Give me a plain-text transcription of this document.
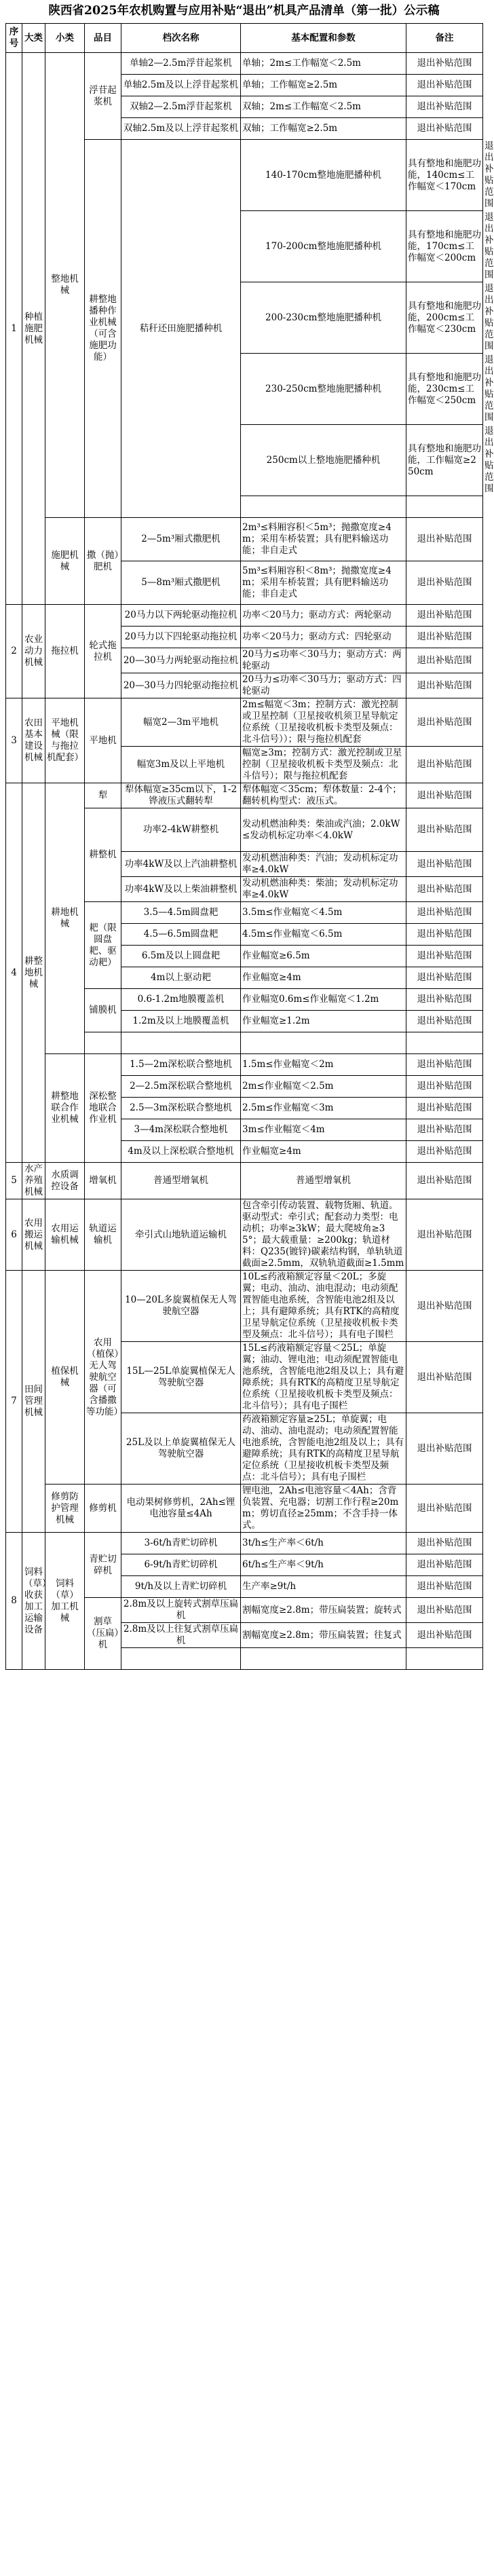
陕西省2025年农机购置与应用补贴“退出”机具产品清单（第一批）公示稿
序号	大类	小类	品目	档次名称	基本配置和参数	备注	
1	种植施肥机械	整地机械	浮苷起浆机	单轴2—2.5m浮苷起浆机	单轴；2m≤工作幅宽＜2.5m	退出补贴范围	
				单轴2.5m及以上浮苷起浆机	单轴；工作幅宽≥2.5m	退出补贴范围	
				双轴2—2.5m浮苷起浆机	双轴；2m≤工作幅宽＜2.5m	退出补贴范围	
				双轴2.5m及以上浮苷起浆机	双轴；工作幅宽≥2.5m	退出补贴范围	
			耕整地播种作业机械（可含施肥功能）	秸秆还田施肥播种机	140-170cm整地施肥播种机	具有整地和施肥功能，140cm≤工作幅宽＜170cm	退出补贴范围
					170-200cm整地施肥播种机	具有整地和施肥功能，170cm≤工作幅宽＜200cm	退出补贴范围
					200-230cm整地施肥播种机	具有整地和施肥功能，200cm≤工作幅宽＜230cm	退出补贴范围
					230-250cm整地施肥播种机	具有整地和施肥功能，230cm≤工作幅宽＜250cm	退出补贴范围
					250cm以上整地施肥播种机	具有整地和施肥功能，工作幅宽≥250cm	退出补贴范围

		施肥机械	撒（抛）肥机	2—5m³厢式撒肥机	2m³≤料厢容积＜5m³；抛撒宽度≥4m；采用车桥装置；具有肥料输送功能；非自走式	退出补贴范围	

				5—8m³厢式撒肥机	5m³≤料厢容积＜8m³；抛撒宽度≥4m；采用车桥装置；具有肥料输送功能；非自走式	退出补贴范围	

2	农业动力机械	拖拉机	轮式拖拉机	20马力以下两轮驱动拖拉机	功率＜20马力；驱动方式：两轮驱动	退出补贴范围	
				20马力以下四轮驱动拖拉机	功率＜20马力；驱动方式：四轮驱动	退出补贴范围	
				20—30马力两轮驱动拖拉机	20马力≤功率＜30马力；驱动方式：两轮驱动	退出补贴范围	
				20—30马力四轮驱动拖拉机	20马力≤功率＜30马力；驱动方式：四轮驱动	退出补贴范围	
3	农田基本建设机械	平地机械（限与拖拉机配套）	平地机	幅宽2—3m平地机	2m≤幅宽＜3m；控制方式：激光控制或卫星控制（卫星接收机须卫星导航定位系统（卫星接收机板卡类型及频点：北斗信号））；限与拖拉机配套	退出补贴范围	
				幅宽3m及以上平地机	幅宽≥3m；控制方式：激光控制或卫星控制（卫星接收机板卡类型及频点：北斗信号）；限与拖拉机配套	退出补贴范围	
4	耕整地机械	耕地机械	犁	犁体幅宽≥35cm以下，1-2铧液压式翻转犁	犁体幅宽＜35cm；犁体数量：2-4个；翻转机构型式：液压式。	退出补贴范围	
			耕整机	功率2-4kW耕整机	发动机燃油种类：柴油或汽油；2.0kW≤发动机标定功率＜4.0kW	退出补贴范围	

				功率4kW及以上汽油耕整机	发动机燃油种类：汽油；发动机标定功率≥4.0kW	退出补贴范围	
				功率4kW及以上柴油耕整机	发动机燃油种类：柴油；发动机标定功率≥4.0kW	退出补贴范围	
			耙（限圆盘耙、驱动耙）	3.5—4.5m圆盘耙	3.5m≤作业幅宽＜4.5m	退出补贴范围	
				4.5—6.5m圆盘耙	4.5m≤作业幅宽＜6.5m	退出补贴范围	
				6.5m及以上圆盘耙	作业幅宽≥6.5m	退出补贴范围	
				4m以上驱动耙	作业幅宽≥4m	退出补贴范围	
			铺膜机	0.6-1.2m地膜覆盖机	作业幅宽0.6m≤作业幅宽＜1.2m	退出补贴范围	
				1.2m及以上地膜覆盖机	作业幅宽≥1.2m	退出补贴范围	

		耕整地联合作业机械	深松整地联合作业机	1.5—2m深松联合整地机	1.5m≤作业幅宽＜2m	退出补贴范围	
				2—2.5m深松联合整地机	2m≤作业幅宽＜2.5m	退出补贴范围	
				2.5—3m深松联合整地机	2.5m≤作业幅宽＜3m	退出补贴范围	
				3—4m深松联合整地机	3m≤作业幅宽＜4m	退出补贴范围	
				4m及以上深松联合整地机	作业幅宽≥4m	退出补贴范围	
5	水产养殖机械	水质调控设备	增氧机	普通型增氧机	普通型增氧机	退出补贴范围	
6	农用搬运机械	农用运输机械	轨道运输机	牵引式山地轨道运输机	包含牵引传动装置、载物货厢、轨道。驱动型式：牵引式；配套动力类型：电动机；功率≥3kW；最大爬坡角≥35°；最大载重量：≥200kg；轨道材料：Q235(镀锌)碳素结构钢，单轨轨道截面≥2.5mm，双轨轨道截面≥1.5mm	退出补贴范围	
7	田间管理机械	植保机械	农用（植保）无人驾驶航空器（可含播撒等功能）	10—20L多旋翼植保无人驾驶航空器	10L≤药液箱额定容量＜20L；多旋翼；电动、油动、油电混动；电动须配置智能电池系统，含智能电池2组及以上；具有避障系统；具有RTK的高精度卫星导航定位系统（卫星接收机板卡类型及频点：北斗信号）；具有电子围栏	退出补贴范围	
				15L—25L单旋翼植保无人驾驶航空器	15L≤药液箱额定容量＜25L；单旋翼；油动、锂电池；电动须配置智能电池系统，含智能电池2组及以上；具有避障系统；具有RTK的高精度卫星导航定位系统（卫星接收机板卡类型及频点：北斗信号）；具有电子围栏	退出补贴范围	
				25L及以上单旋翼植保无人驾驶航空器	药液箱额定容量≥25L；单旋翼；电动、油动、油电混动；电动须配置智能电池系统，含智能电池2组及以上；具有避障系统；具有RTK的高精度卫星导航定位系统（卫星接收机板卡类型及频点：北斗信号）；具有电子围栏	退出补贴范围	
		修剪防护管理机械	修剪机	电动果树修剪机，2Ah≤锂电池容量≤4Ah	锂电池，2Ah≤电池容量＜4Ah；含背负装置、充电器；切割工作行程≥20mm；剪切直径≥25mm；不含手持一体式。	退出补贴范围	
8	饲料（草）收获加工运输设备	饲料（草）加工机械	青贮切碎机	3-6t/h青贮切碎机	3t/h≤生产率＜6t/h	退出补贴范围	
				6-9t/h青贮切碎机	6t/h≤生产率＜9t/h	退出补贴范围	
				9t/h及以上青贮切碎机	生产率≥9t/h	退出补贴范围	
			割草（压扁）机	2.8m及以上旋转式割草压扁机	割幅宽度≥2.8m；带压扁装置；旋转式	退出补贴范围	
				2.8m及以上往复式割草压扁机	割幅宽度≥2.8m；带压扁装置；往复式	退出补贴范围	
